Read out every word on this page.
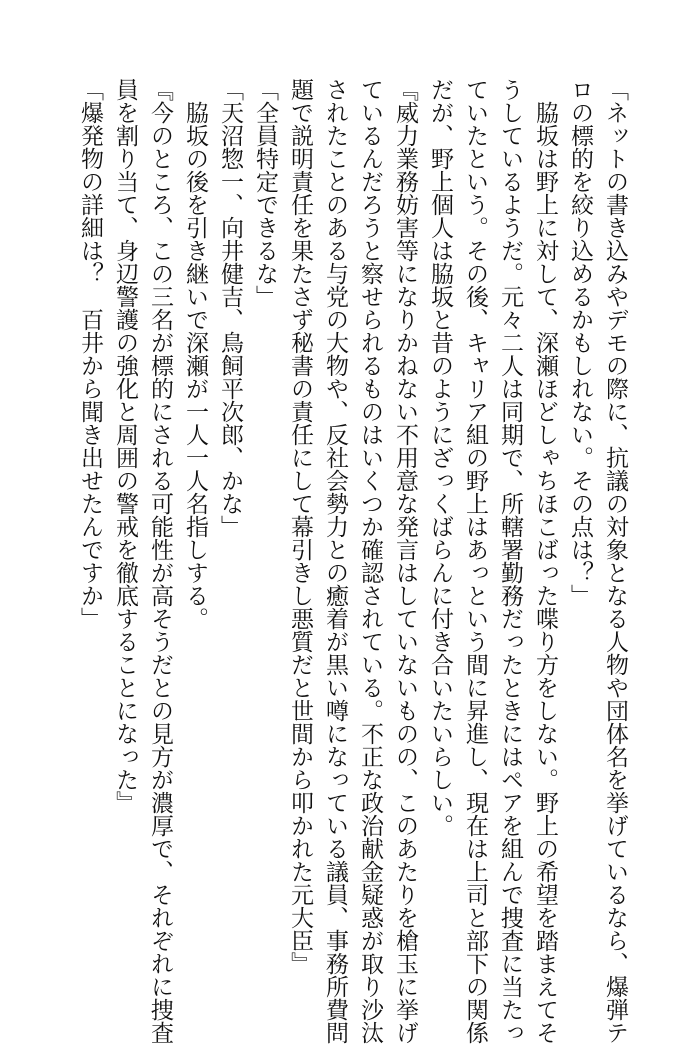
「ネットの書き込みやデモの際に、抗議の対象となる人物や団体名を挙げているなら、爆弾テ
ロの標的を絞り込めるかもしれない。その点は？」
脇坂は野上に対して、深瀬ほどしゃちほこばった喋り方をしない。野上の希望を踏まえてそ
うしているようだ。元々二人は同期で、所轄署勤務だったときにはペアを組んで捜査に当たっ
ていたという。その後、キャリア組の野上はあっという間に昇進し、現在は上司と部下の関係
だが、野上個人は脇坂と昔のようにざっくばらんに付き合いたいらしい。
『威力業務妨害等になりかねない不用意な発言はしていないものの、このあたりを槍玉に挙げ
ているんだろうと察せられるものはいくつか確認されている。不正な政治献金疑惑が取り沙汰
されたことのある与党の大物や、反社会勢力との癒着が黒い噂になっている議員、事務所費問
題で説明責任を果たさず秘書の責任にして幕引きし悪質だと世間から叩かれた元大臣』
「全員特定できるな」
「天沼惣一、向井健吉、鳥飼平次郎、かな」
脇坂の後を引き継いで深瀬が一人一人名指しする。
『今のところ、この三名が標的にされる可能性が高そうだとの見方が濃厚で、それぞれに捜査
員を割り当て、身辺警護の強化と周囲の警戒を徹底することになった』
「爆発物の詳細は？　百井から聞き出せたんですか」
